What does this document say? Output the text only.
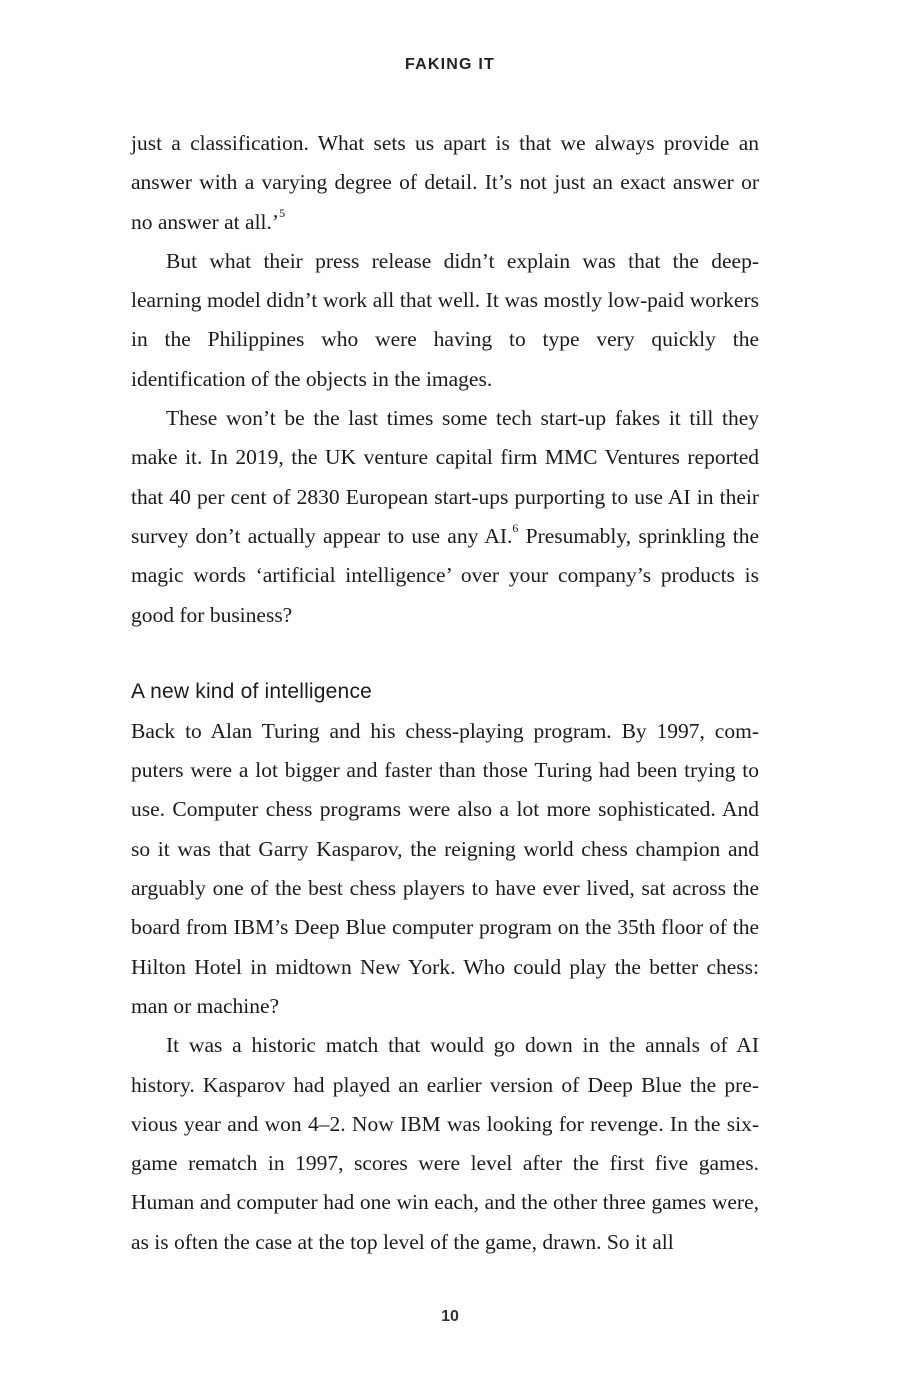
FAKING IT

just a classification. What sets us apart is that we always provide an answer with a varying degree of detail. It’s not just an exact answer or no answer at all.’$^5$

But what their press release didn’t explain was that the deep-learning model didn’t work all that well. It was mostly low-paid workers in the Philippines who were having to type very quickly the identification of the objects in the images.

These won’t be the last times some tech start-up fakes it till they make it. In 2019, the UK venture capital firm MMC Ventures reported that 40 per cent of 2830 European start-ups purporting to use AI in their survey don’t actually appear to use any AI.$^6$ Presumably, sprinkling the magic words ‘artificial intelligence’ over your company’s products is good for business?

A new kind of intelligence

Back to Alan Turing and his chess-playing program. By 1997, computers were a lot bigger and faster than those Turing had been trying to use. Computer chess programs were also a lot more sophisticated. And so it was that Garry Kasparov, the reigning world chess champion and arguably one of the best chess players to have ever lived, sat across the board from IBM’s Deep Blue computer program on the 35th floor of the Hilton Hotel in midtown New York. Who could play the better chess: man or machine?

It was a historic match that would go down in the annals of AI history. Kasparov had played an earlier version of Deep Blue the previous year and won 4–2. Now IBM was looking for revenge. In the six-game rematch in 1997, scores were level after the first five games. Human and computer had one win each, and the other three games were, as is often the case at the top level of the game, drawn. So it all

10
